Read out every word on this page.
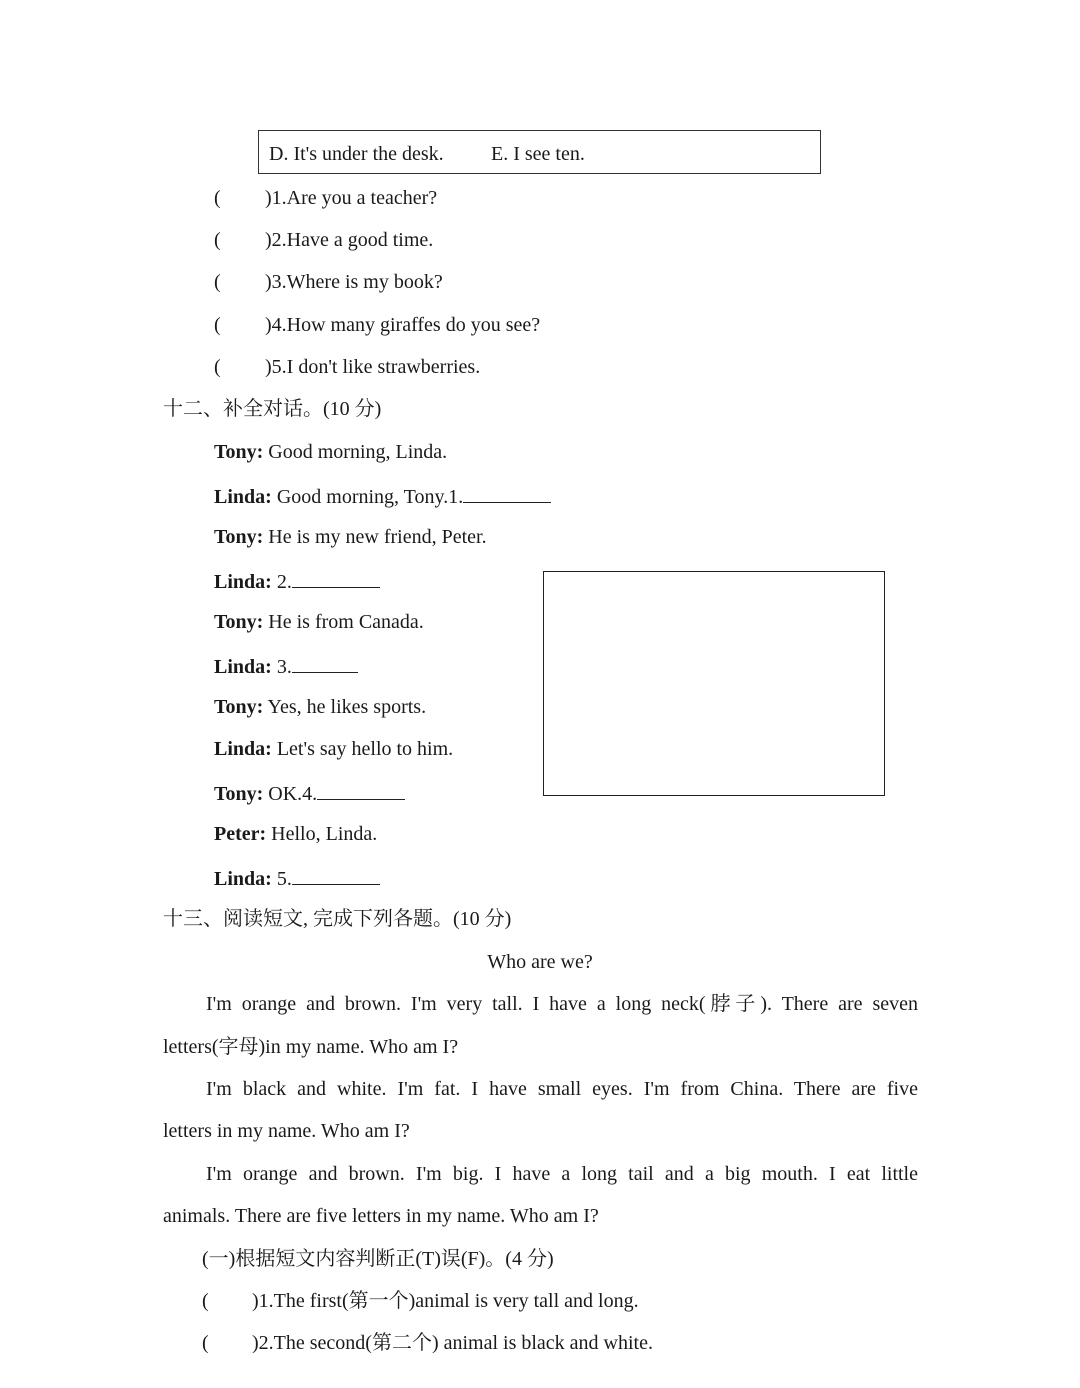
D. It's under the desk. E. I see ten.
( )1.Are you a teacher?
( )2.Have a good time.
( )3.Where is my book?
( )4.How many giraffes do you see?
( )5.I don't like strawberries.
十二、补全对话。(10 分)
Tony: Good morning, Linda.
Linda: Good morning, Tony.1.
Tony: He is my new friend, Peter.
Linda: 2.
Tony: He is from Canada.
Linda: 3.
Tony: Yes, he likes sports.
Linda: Let's say hello to him.
Tony: OK.4.
Peter: Hello, Linda.
Linda: 5.
十三、阅读短文, 完成下列各题。(10 分)
Who are we?
I'm orange and brown. I'm very tall. I have a long neck(脖子). There are seven
letters(字母)in my name. Who am I?
I'm black and white. I'm fat. I have small eyes. I'm from China. There are five
letters in my name. Who am I?
I'm orange and brown. I'm big. I have a long tail and a big mouth. I eat little
animals. There are five letters in my name. Who am I?
(一)根据短文内容判断正(T)误(F)。(4 分)
( )1.The first(第一个)animal is very tall and long.
( )2.The second(第二个) animal is black and white.
